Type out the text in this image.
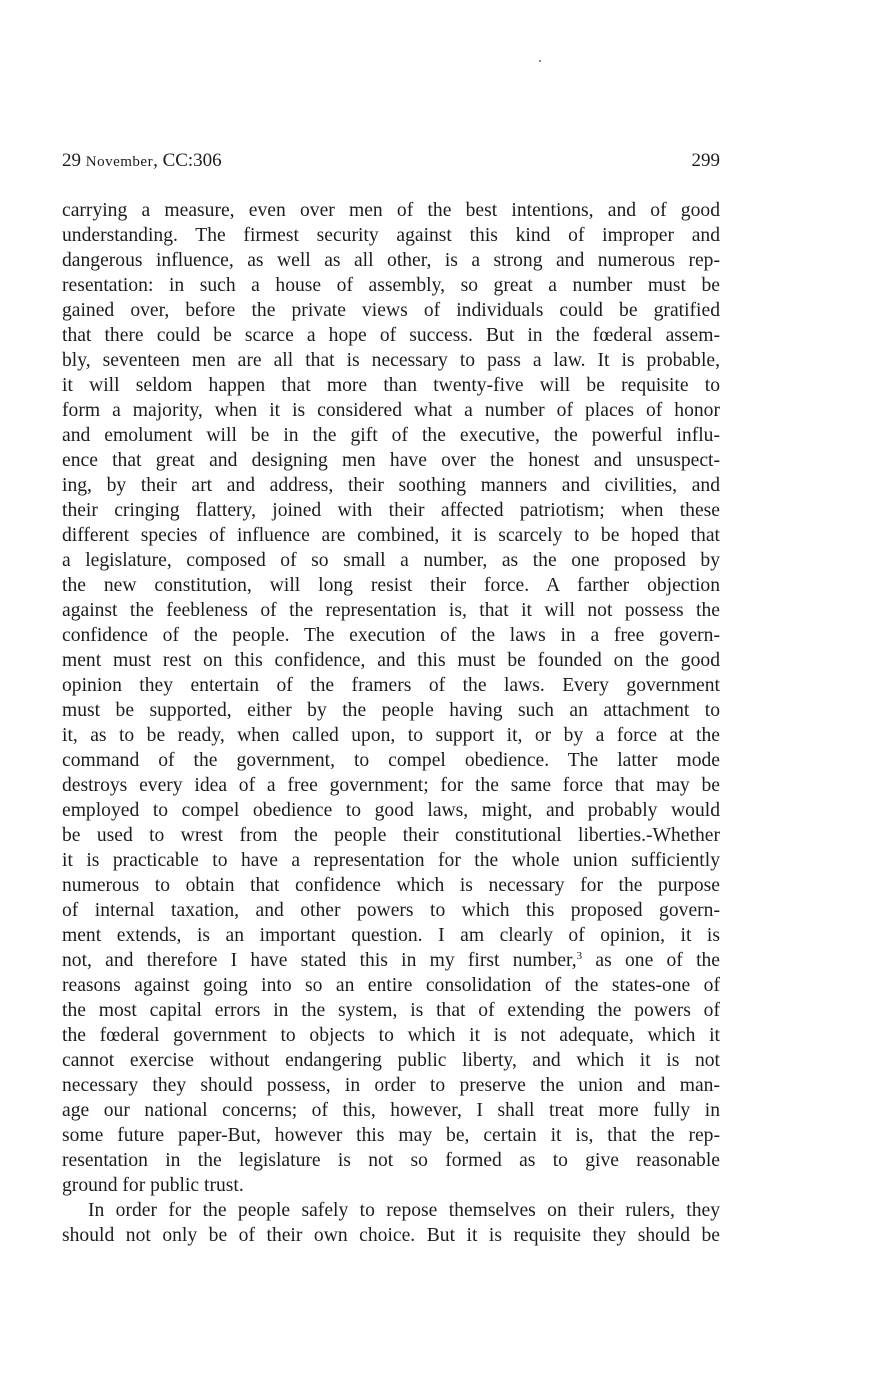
29 November, CC:306	299
carrying a measure, even over men of the best intentions, and of good
understanding. The firmest security against this kind of improper and
dangerous influence, as well as all other, is a strong and numerous rep-
resentation: in such a house of assembly, so great a number must be
gained over, before the private views of individuals could be gratified
that there could be scarce a hope of success. But in the fœderal assem-
bly, seventeen men are all that is necessary to pass a law. It is probable,
it will seldom happen that more than twenty-five will be requisite to
form a majority, when it is considered what a number of places of honor
and emolument will be in the gift of the executive, the powerful influ-
ence that great and designing men have over the honest and unsuspect-
ing, by their art and address, their soothing manners and civilities, and
their cringing flattery, joined with their affected patriotism; when these
different species of influence are combined, it is scarcely to be hoped that
a legislature, composed of so small a number, as the one proposed by
the new constitution, will long resist their force. A farther objection
against the feebleness of the representation is, that it will not possess the
confidence of the people. The execution of the laws in a free govern-
ment must rest on this confidence, and this must be founded on the good
opinion they entertain of the framers of the laws. Every government
must be supported, either by the people having such an attachment to
it, as to be ready, when called upon, to support it, or by a force at the
command of the government, to compel obedience. The latter mode
destroys every idea of a free government; for the same force that may be
employed to compel obedience to good laws, might, and probably would
be used to wrest from the people their constitutional liberties.-Whether
it is practicable to have a representation for the whole union sufficiently
numerous to obtain that confidence which is necessary for the purpose
of internal taxation, and other powers to which this proposed govern-
ment extends, is an important question. I am clearly of opinion, it is
not, and therefore I have stated this in my first number,$^3$ as one of the
reasons against going into so an entire consolidation of the states-one of
the most capital errors in the system, is that of extending the powers of
the fœderal government to objects to which it is not adequate, which it
cannot exercise without endangering public liberty, and which it is not
necessary they should possess, in order to preserve the union and man-
age our national concerns; of this, however, I shall treat more fully in
some future paper-But, however this may be, certain it is, that the rep-
resentation in the legislature is not so formed as to give reasonable
ground for public trust.
In order for the people safely to repose themselves on their rulers, they
should not only be of their own choice. But it is requisite they should be
